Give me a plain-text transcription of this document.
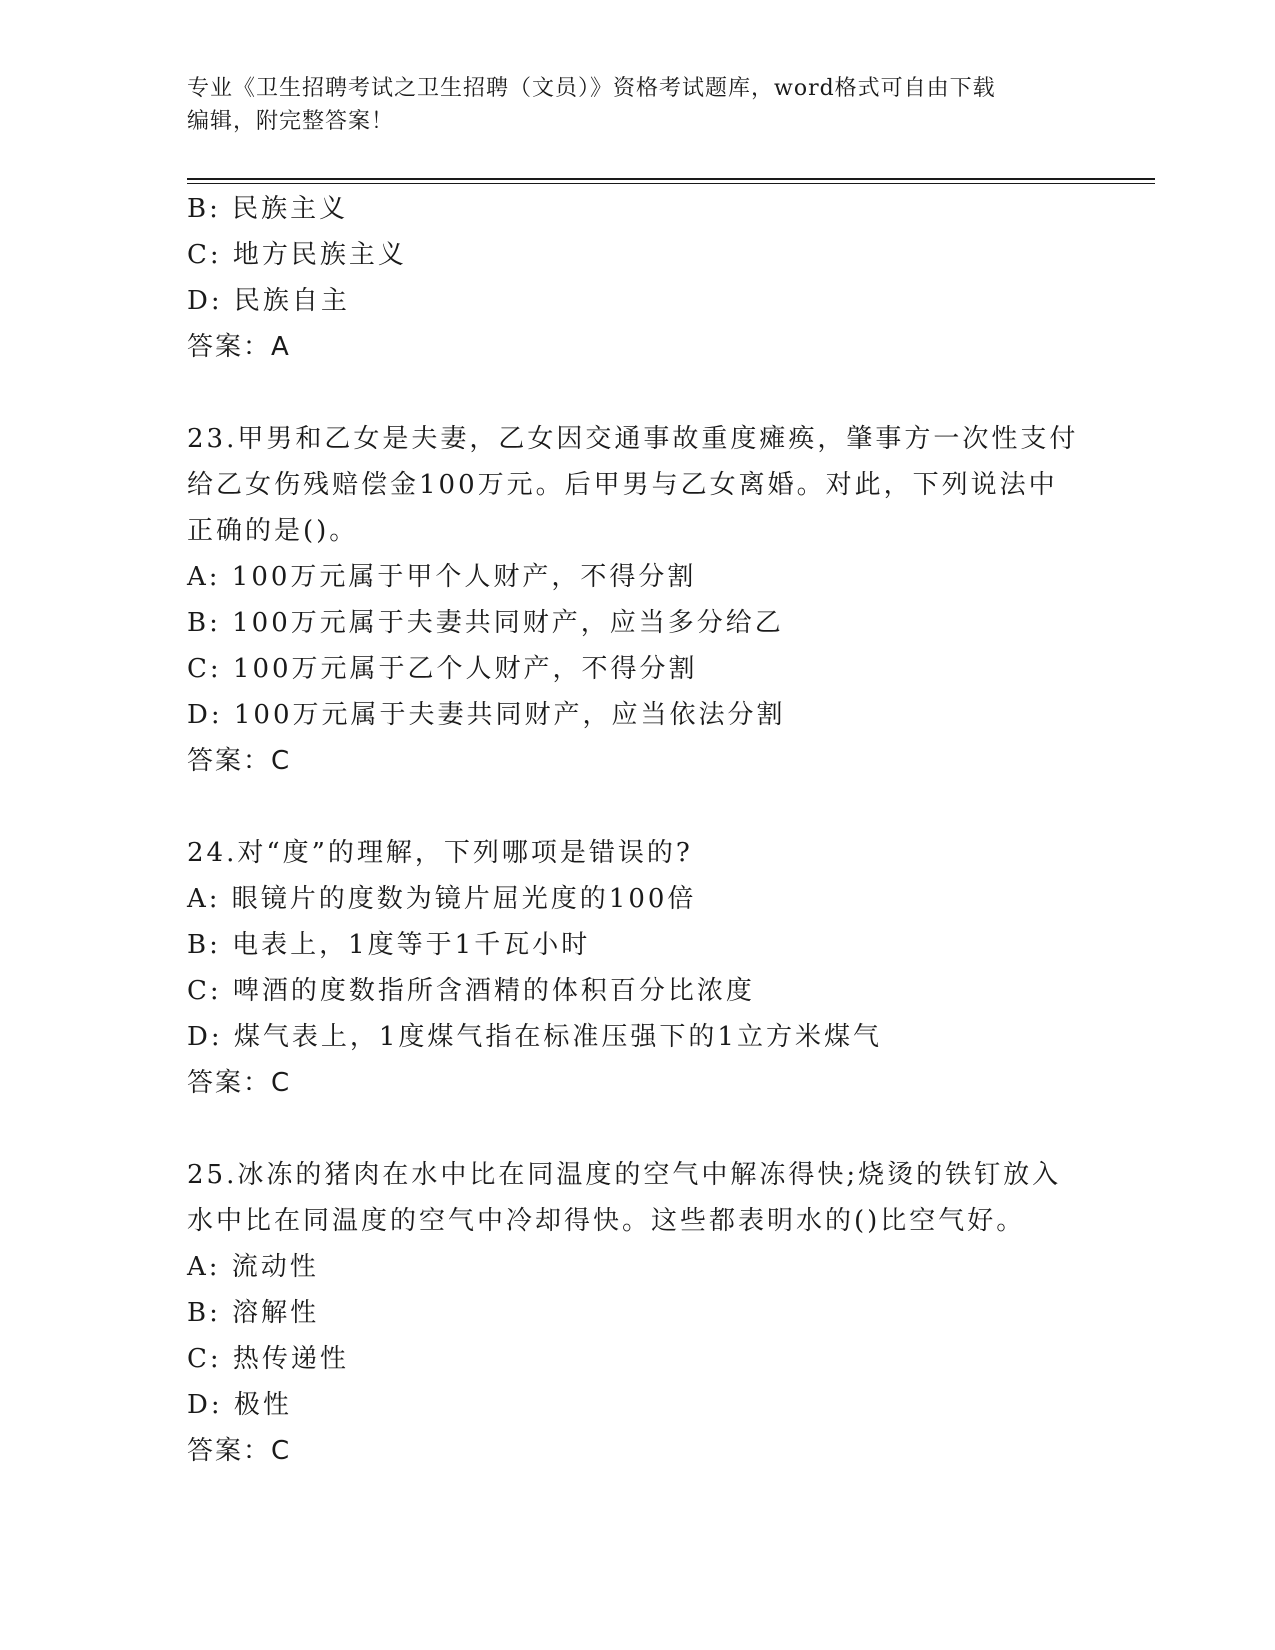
专业《卫生招聘考试之卫生招聘（文员）》资格考试题库，word格式可自由下载
编辑，附完整答案！
B: 民族主义
C: 地方民族主义
D: 民族自主
答案：A
23.甲男和乙女是夫妻，乙女因交通事故重度瘫痪，肇事方一次性支付
给乙女伤残赔偿金100万元。后甲男与乙女离婚。对此，下列说法中
正确的是()。
A: 100万元属于甲个人财产，不得分割
B: 100万元属于夫妻共同财产，应当多分给乙
C: 100万元属于乙个人财产，不得分割
D: 100万元属于夫妻共同财产，应当依法分割
答案：C
24.对“度”的理解，下列哪项是错误的?
A: 眼镜片的度数为镜片屈光度的100倍
B: 电表上，1度等于1千瓦小时
C: 啤酒的度数指所含酒精的体积百分比浓度
D: 煤气表上，1度煤气指在标准压强下的1立方米煤气
答案：C
25.冰冻的猪肉在水中比在同温度的空气中解冻得快;烧烫的铁钉放入
水中比在同温度的空气中冷却得快。这些都表明水的()比空气好。
A: 流动性
B: 溶解性
C: 热传递性
D: 极性
答案：C
